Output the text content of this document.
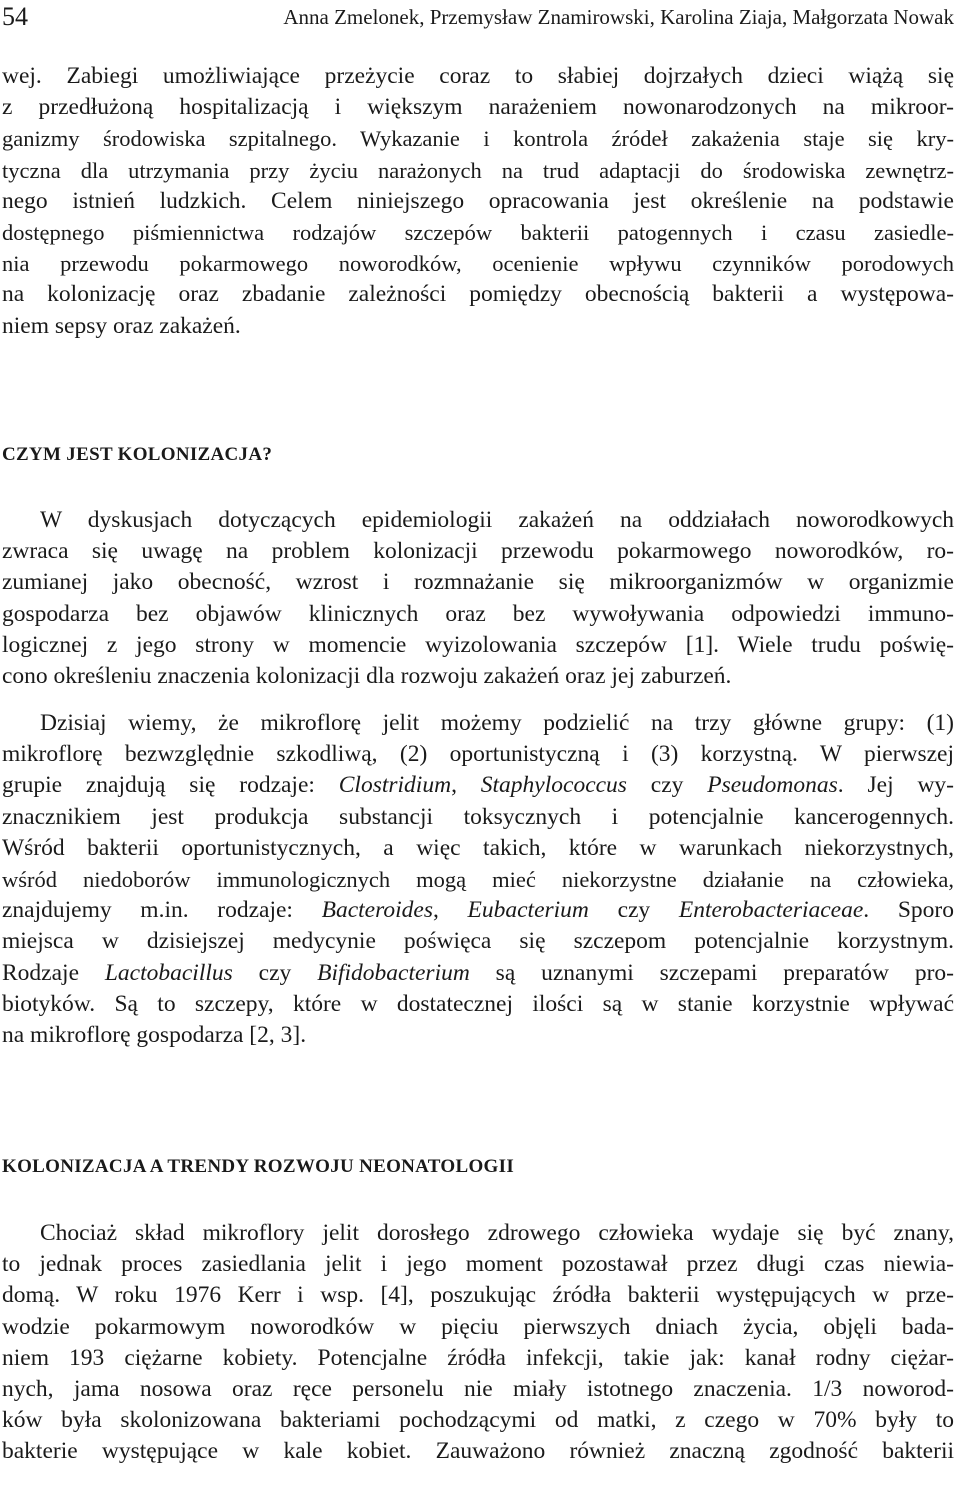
54	Anna Zmelonek, Przemysław Znamirowski, Karolina Ziaja, Małgorzata Nowak
wej. Zabiegi umożliwiające przeżycie coraz to słabiej dojrzałych dzieci wiążą się
z przedłużoną hospitalizacją i większym narażeniem nowonarodzonych na mikroor-
ganizmy środowiska szpitalnego. Wykazanie i kontrola źródeł zakażenia staje się kry-
tyczna dla utrzymania przy życiu narażonych na trud adaptacji do środowiska zewnętrz-
nego istnień ludzkich. Celem niniejszego opracowania jest określenie na podstawie
dostępnego piśmiennictwa rodzajów szczepów bakterii patogennych i czasu zasiedle-
nia przewodu pokarmowego noworodków, ocenienie wpływu czynników porodowych
na kolonizację oraz zbadanie zależności pomiędzy obecnością bakterii a występowa-
niem sepsy oraz zakażeń.
CZYM JEST KOLONIZACJA?
W dyskusjach dotyczących epidemiologii zakażeń na oddziałach noworodkowych
zwraca się uwagę na problem kolonizacji przewodu pokarmowego noworodków, ro-
zumianej jako obecność, wzrost i rozmnażanie się mikroorganizmów w organizmie
gospodarza bez objawów klinicznych oraz bez wywoływania odpowiedzi immuno-
logicznej z jego strony w momencie wyizolowania szczepów [1]. Wiele trudu poświę-
cono określeniu znaczenia kolonizacji dla rozwoju zakażeń oraz jej zaburzeń.
Dzisiaj wiemy, że mikroflorę jelit możemy podzielić na trzy główne grupy: (1)
mikroflorę bezwzględnie szkodliwą, (2) oportunistyczną i (3) korzystną. W pierwszej
grupie znajdują się rodzaje: Clostridium, Staphylococcus czy Pseudomonas. Jej wy-
znacznikiem jest produkcja substancji toksycznych i potencjalnie kancerogennych.
Wśród bakterii oportunistycznych, a więc takich, które w warunkach niekorzystnych,
wśród niedoborów immunologicznych mogą mieć niekorzystne działanie na człowieka,
znajdujemy m.in. rodzaje: Bacteroides, Eubacterium czy Enterobacteriaceae. Sporo
miejsca w dzisiejszej medycynie poświęca się szczepom potencjalnie korzystnym.
Rodzaje Lactobacillus czy Bifidobacterium są uznanymi szczepami preparatów pro-
biotyków. Są to szczepy, które w dostatecznej ilości są w stanie korzystnie wpływać
na mikroflorę gospodarza [2, 3].
KOLONIZACJA A TRENDY ROZWOJU NEONATOLOGII
Chociaż skład mikroflory jelit dorosłego zdrowego człowieka wydaje się być znany,
to jednak proces zasiedlania jelit i jego moment pozostawał przez długi czas niewia-
domą. W roku 1976 Kerr i wsp. [4], poszukując źródła bakterii występujących w prze-
wodzie pokarmowym noworodków w pięciu pierwszych dniach życia, objęli bada-
niem 193 ciężarne kobiety. Potencjalne źródła infekcji, takie jak: kanał rodny ciężar-
nych, jama nosowa oraz ręce personelu nie miały istotnego znaczenia. 1/3 noworod-
ków była skolonizowana bakteriami pochodzącymi od matki, z czego w 70% były to
bakterie występujące w kale kobiet. Zauważono również znaczną zgodność bakterii
